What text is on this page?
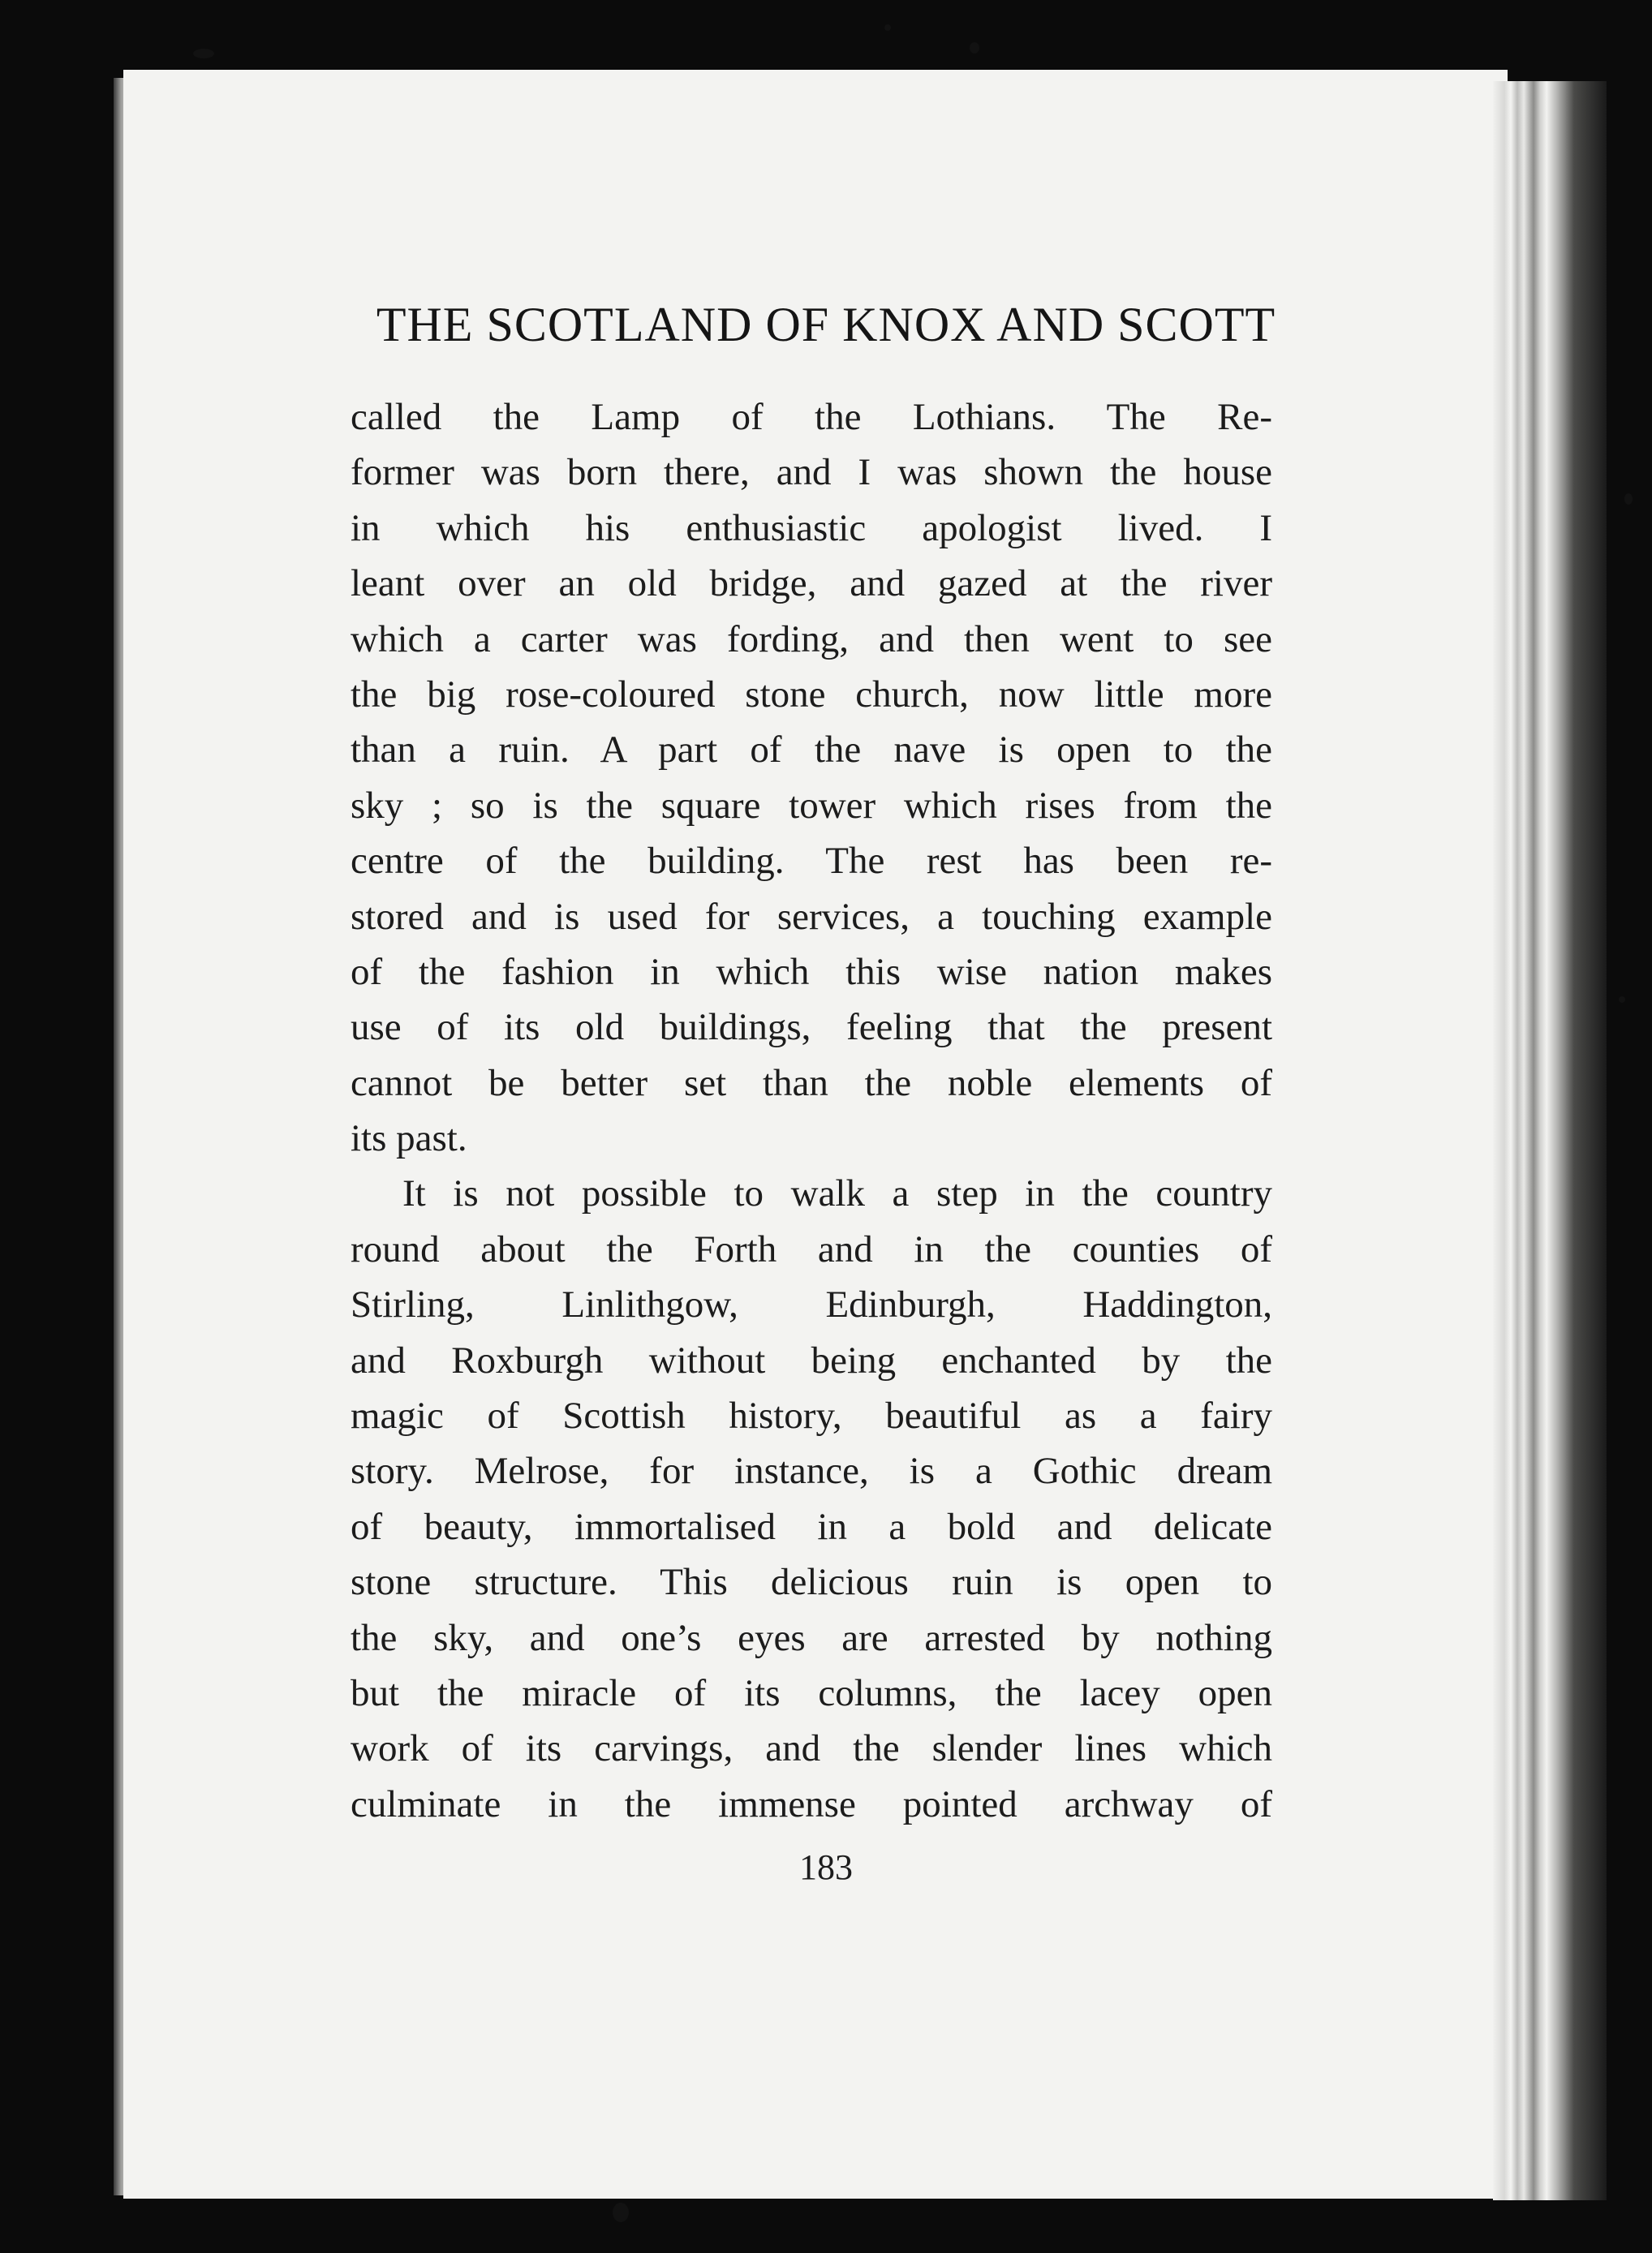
THE SCOTLAND OF KNOX AND SCOTT
called the Lamp of the Lothians. The Re-
former was born there, and I was shown the house
in which his enthusiastic apologist lived. I
leant over an old bridge, and gazed at the river
which a carter was fording, and then went to see
the big rose-coloured stone church, now little more
than a ruin. A part of the nave is open to the
sky ; so is the square tower which rises from the
centre of the building. The rest has been re-
stored and is used for services, a touching example
of the fashion in which this wise nation makes
use of its old buildings, feeling that the present
cannot be better set than the noble elements of
its past.
It is not possible to walk a step in the country
round about the Forth and in the counties of
Stirling, Linlithgow, Edinburgh, Haddington,
and Roxburgh without being enchanted by the
magic of Scottish history, beautiful as a fairy
story. Melrose, for instance, is a Gothic dream
of beauty, immortalised in a bold and delicate
stone structure. This delicious ruin is open to
the sky, and one’s eyes are arrested by nothing
but the miracle of its columns, the lacey open
work of its carvings, and the slender lines which
culminate in the immense pointed archway of
183
